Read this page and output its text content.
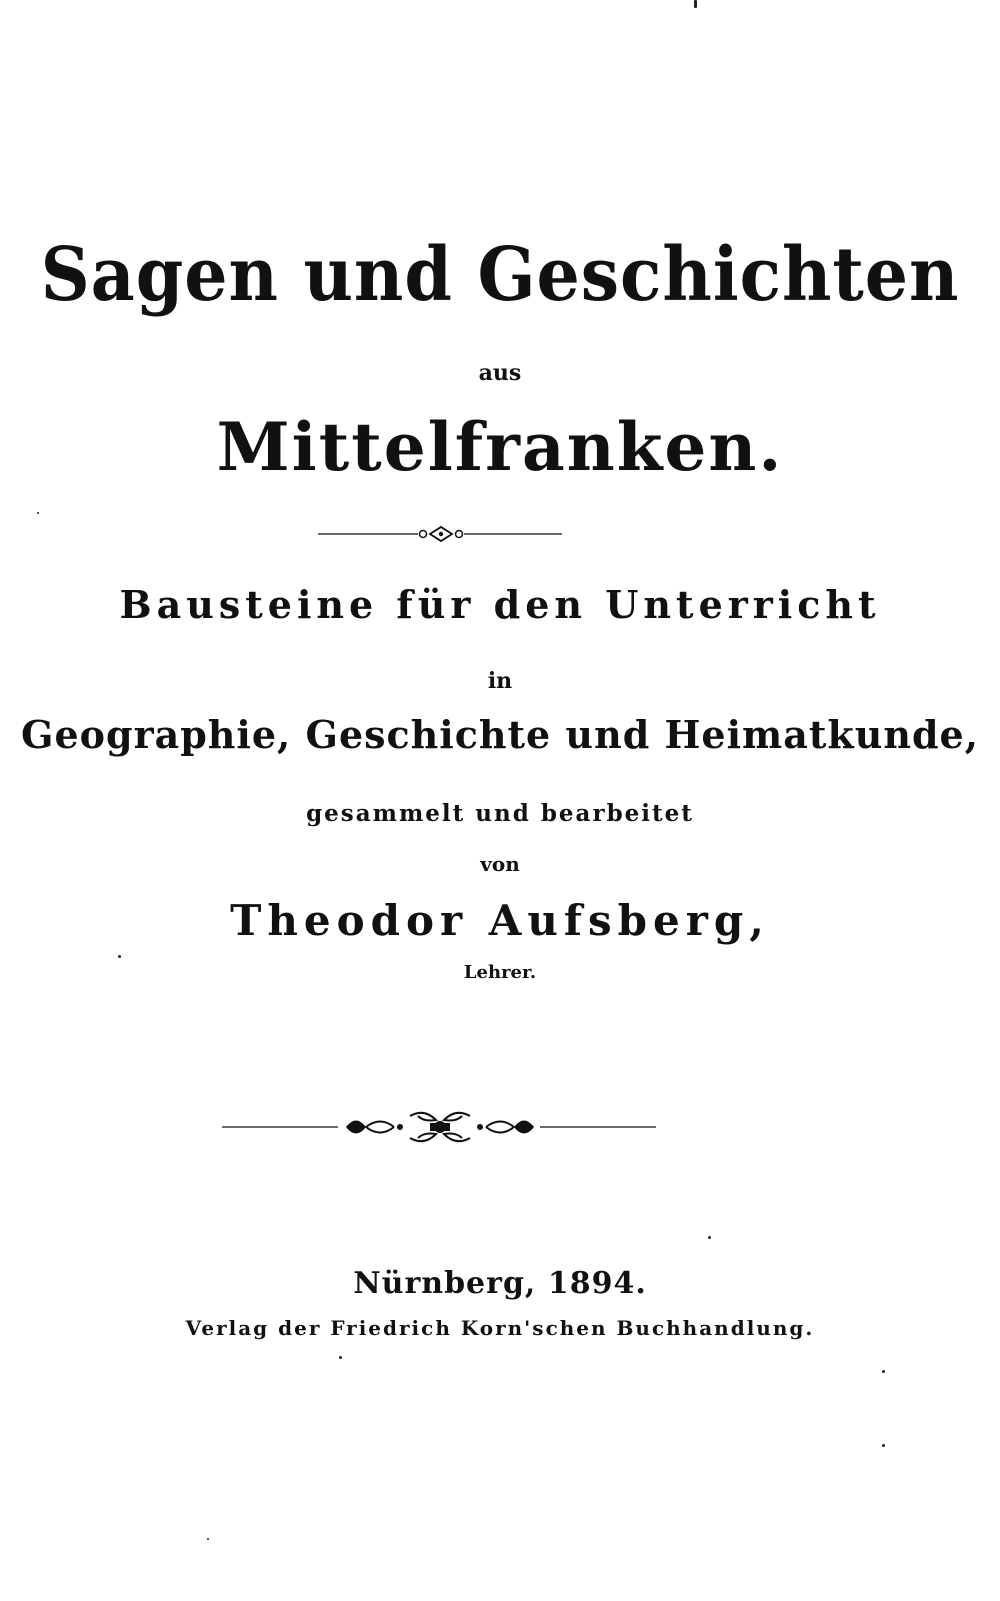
Sagen und Geschichten
aus
Mittelfranken.
Bausteine für den Unterricht
in
Geographie, Geschichte und Heimatkunde,
gesammelt und bearbeitet
von
Theodor Aufsberg,
Lehrer.
Nürnberg, 1894.
Verlag der Friedrich Korn'schen Buchhandlung.
